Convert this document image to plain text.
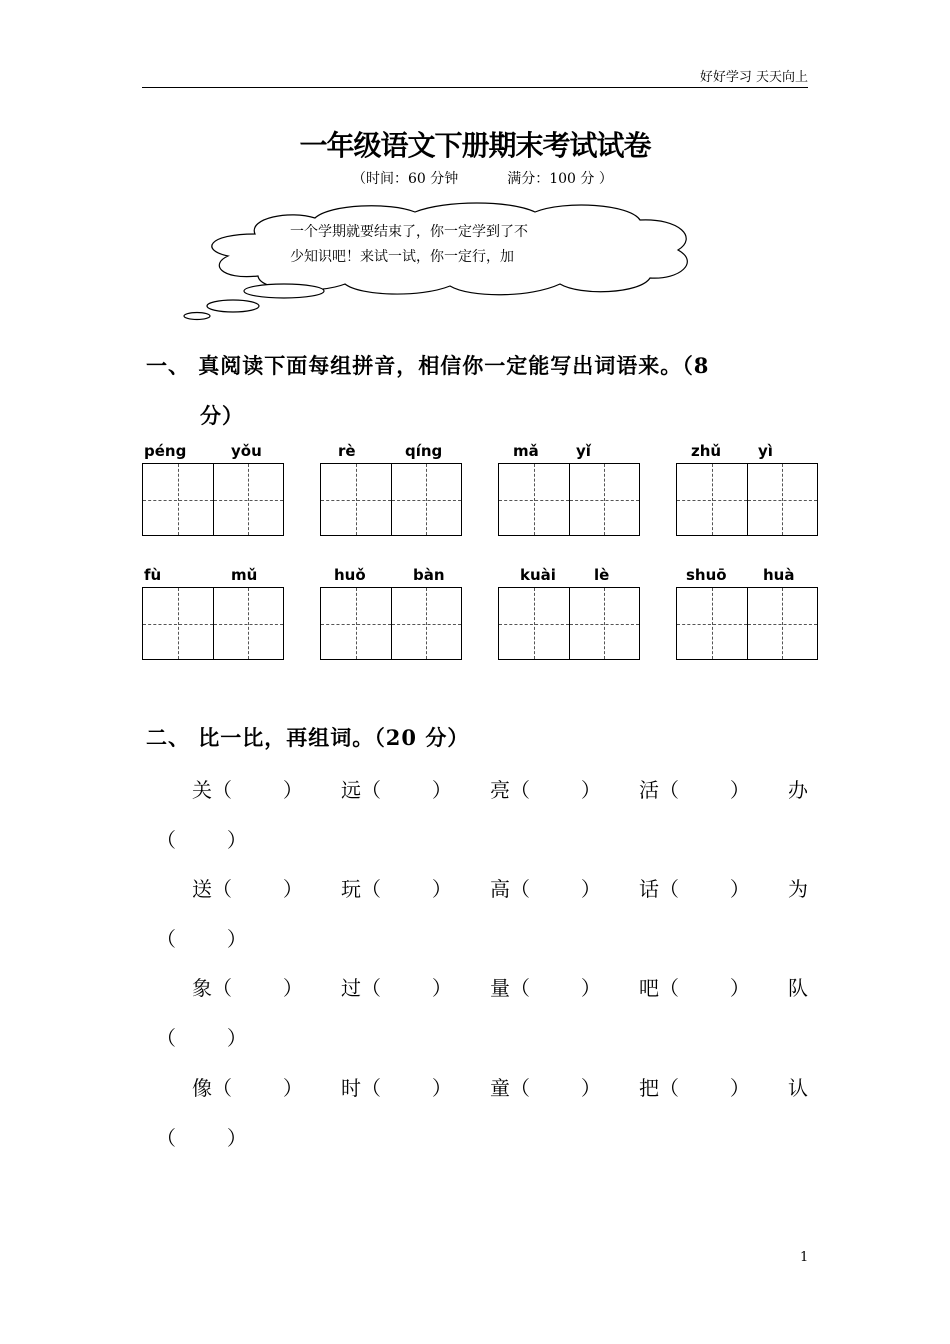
好好学习 天天向上
一年级语文下册期末考试试卷
（时间：60 分钟           满分：100 分 ）
一个学期就要结束了，你一定学到了不
少知识吧！来试一试，你一定行，加
一、 真阅读下面每组拼音，相信你一定能写出词语来。（8
分）
péng	yǒu	rè	qíng	mǎ yǐ	zhǔ yì
fù	mǔ	huǒ	bàn	kuài	lè	shuō huà
二、 比一比，再组词。（20 分）
关（        ） 远（        ） 亮（        ） 活（        ） 办
（        ）
送（        ） 玩（        ） 高（        ） 话（        ） 为
（        ）
象（        ） 过（        ） 量（        ） 吧（        ） 队
（        ）
像（        ） 时（        ） 童（        ） 把（        ） 认
（        ）
1
